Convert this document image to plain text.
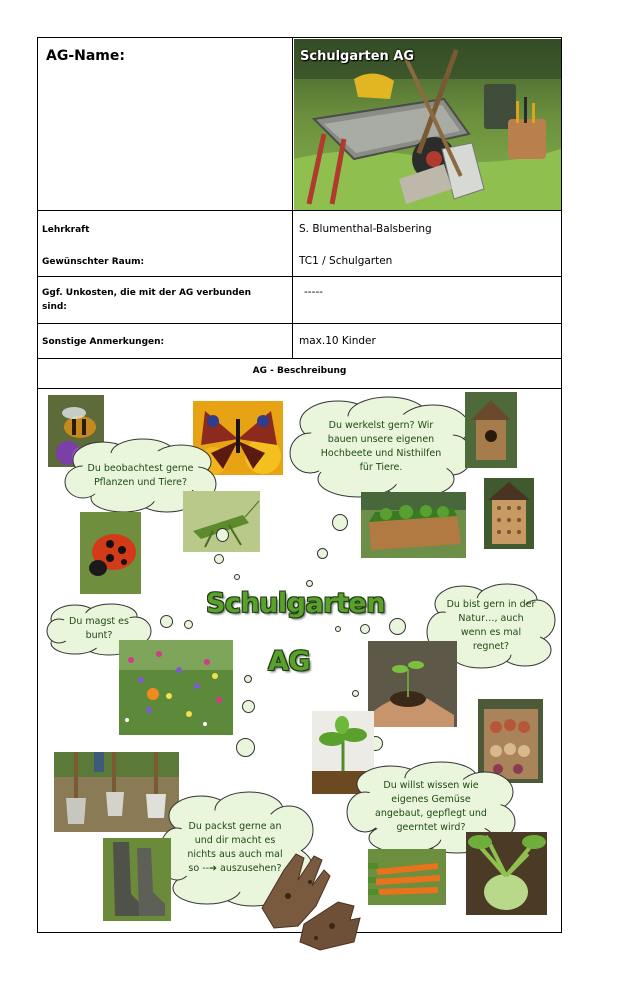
AG-Name:	Schulgarten AG
Lehrkraft	S. Blumenthal-Balsbering
Gewünschter Raum:	TC1 / Schulgarten
Ggf. Unkosten, die mit der AG verbunden sind:
-----
Sonstige Anmerkungen:	max.10 Kinder
AG - Beschreibung
Du beobachtest gerne Pflanzen und Tiere?
Du werkelst gern? Wir bauen unsere eigenen Hochbeete und Nisthilfen für Tiere.
Du magst es bunt?
Schulgarten
AG
Du bist gern in der Natur…, auch wenn es mal regnet?
Du packst gerne an und dir macht es nichts aus auch mal so --➔ auszusehen?
Du willst wissen wie eigenes Gemüse angebaut, gepflegt und geerntet wird?
